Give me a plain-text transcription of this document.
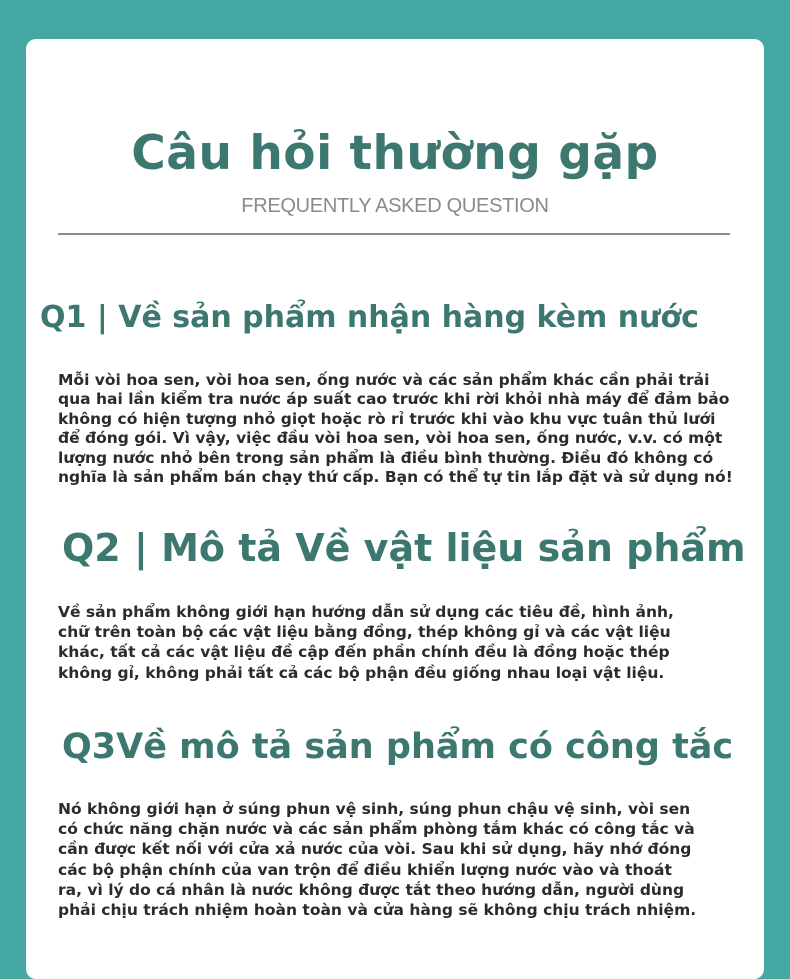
Câu hỏi thường gặp
FREQUENTLY ASKED QUESTION
Q1 | Về sản phẩm nhận hàng kèm nước
Mỗi vòi hoa sen, vòi hoa sen, ống nước và các sản phẩm khác cần phải trải
qua hai lần kiểm tra nước áp suất cao trước khi rời khỏi nhà máy để đảm bảo
không có hiện tượng nhỏ giọt hoặc rò rỉ trước khi vào khu vực tuân thủ lưới
để đóng gói. Vì vậy, việc đầu vòi hoa sen, vòi hoa sen, ống nước, v.v. có một
lượng nước nhỏ bên trong sản phẩm là điều bình thường. Điều đó không có
nghĩa là sản phẩm bán chạy thứ cấp. Bạn có thể tự tin lắp đặt và sử dụng nó!
Q2 | Mô tả Về vật liệu sản phẩm
Về sản phẩm không giới hạn hướng dẫn sử dụng các tiêu đề, hình ảnh,
chữ trên toàn bộ các vật liệu bằng đồng, thép không gỉ và các vật liệu
khác, tất cả các vật liệu đề cập đến phần chính đều là đồng hoặc thép
không gỉ, không phải tất cả các bộ phận đều giống nhau loại vật liệu.
Q3Về mô tả sản phẩm có công tắc
Nó không giới hạn ở súng phun vệ sinh, súng phun chậu vệ sinh, vòi sen
có chức năng chặn nước và các sản phẩm phòng tắm khác có công tắc và
cần được kết nối với cửa xả nước của vòi. Sau khi sử dụng, hãy nhớ đóng
các bộ phận chính của van trộn để điều khiển lượng nước vào và thoát
ra, vì lý do cá nhân là nước không được tắt theo hướng dẫn, người dùng
phải chịu trách nhiệm hoàn toàn và cửa hàng sẽ không chịu trách nhiệm.
